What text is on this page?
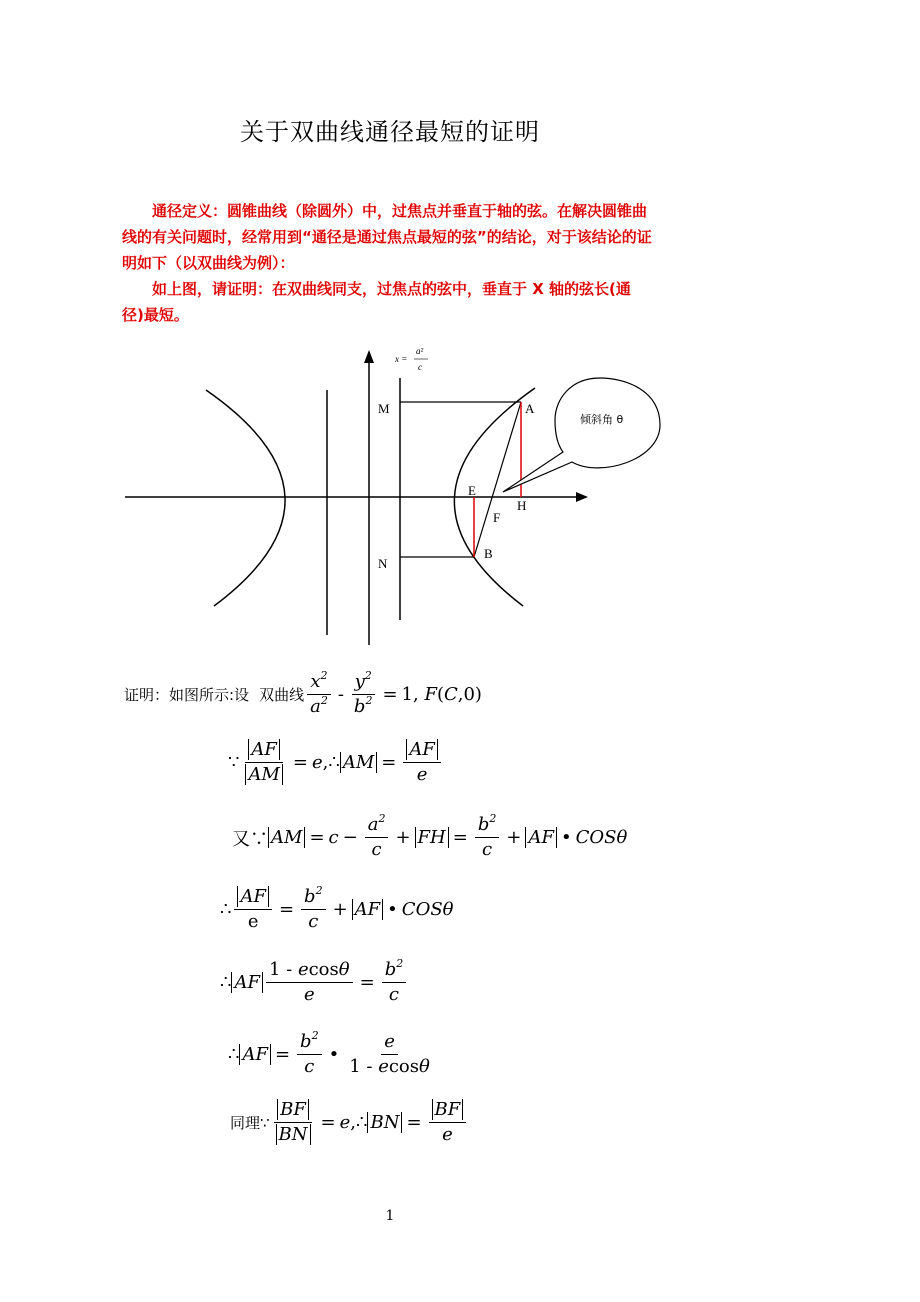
关于双曲线通径最短的证明

通径定义：圆锥曲线（除圆外）中，过焦点并垂直于轴的弦。在解决圆锥曲线的有关问题时，经常用到“通径是通过焦点最短的弦”的结论，对于该结论的证明如下（以双曲线为例）：

如上图，请证明：在双曲线同支，过焦点的弦中，垂直于 X 轴的弦长(通径)最短。

倾斜角 θ
M	A
E
H
F
B
N
x =
a²
c
证明：如图所示:设 双曲线 $\frac{x^2}{a^2} - \frac{y^2}{b^2} = 1$, F ( C ,0)
∵ $\frac{AF}{AM} = e$ ,∴ AM = $\frac{AF}{e}$
又∵ AM = $c - \frac{a^2}{c}$ + FH = $\frac{b^2}{c}$ + AF • COSθ
∴ $\frac{AF}{e} = \frac{b^2}{c}$ + AF • COSθ
∴ AF $\frac{1 - ecos\theta}{e} = \frac{b^2}{c}$
∴ AF = $\frac{b^2}{c}$ • $\frac{e}{1 - ecos\theta}$
同理∵ $\frac{BF}{BN} = e$ ,∴ BN = $\frac{BF}{e}$
1
